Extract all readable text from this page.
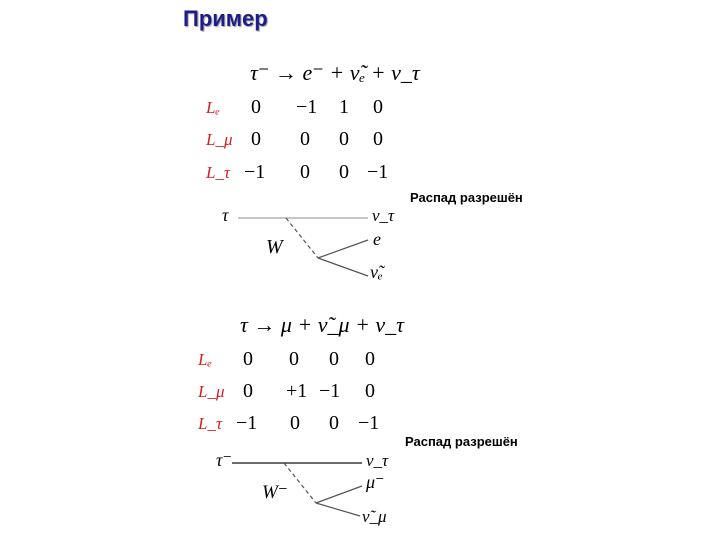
Пример
τ⁻ → e⁻ + ν̃ₑ + ν_τ
Lₑ 0 −1 1 0
L_μ 0 0 0 0
L_τ −1 0 0 −1
Распад разрешён
τ
W
ν_τ
e
ν̃ₑ
τ → μ + ν̃_μ + ν_τ
Lₑ 0 0 0 0
L_μ 0 +1 −1 0
L_τ −1 0 0 −1
Распад разрешён
τ⁻
W⁻
ν_τ
μ⁻
ν̃_μ
